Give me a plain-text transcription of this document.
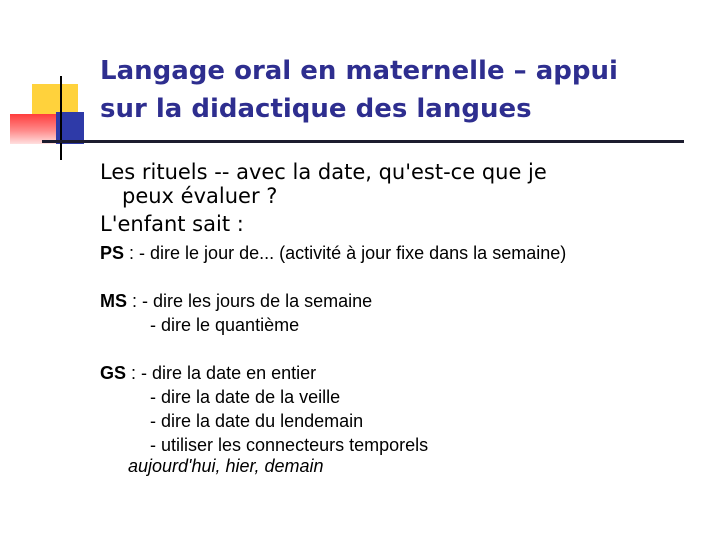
Langage oral en maternelle – appui
sur la didactique des langues
Les rituels -- avec la date, qu'est-ce que je
peux évaluer ?
L'enfant sait :
PS : - dire le jour de... (activité à jour fixe dans la semaine)
MS : - dire les jours de la semaine
- dire le quantième
GS : - dire la date en entier
- dire la date de la veille
- dire la date du lendemain
- utiliser les connecteurs temporels
aujourd'hui, hier, demain
